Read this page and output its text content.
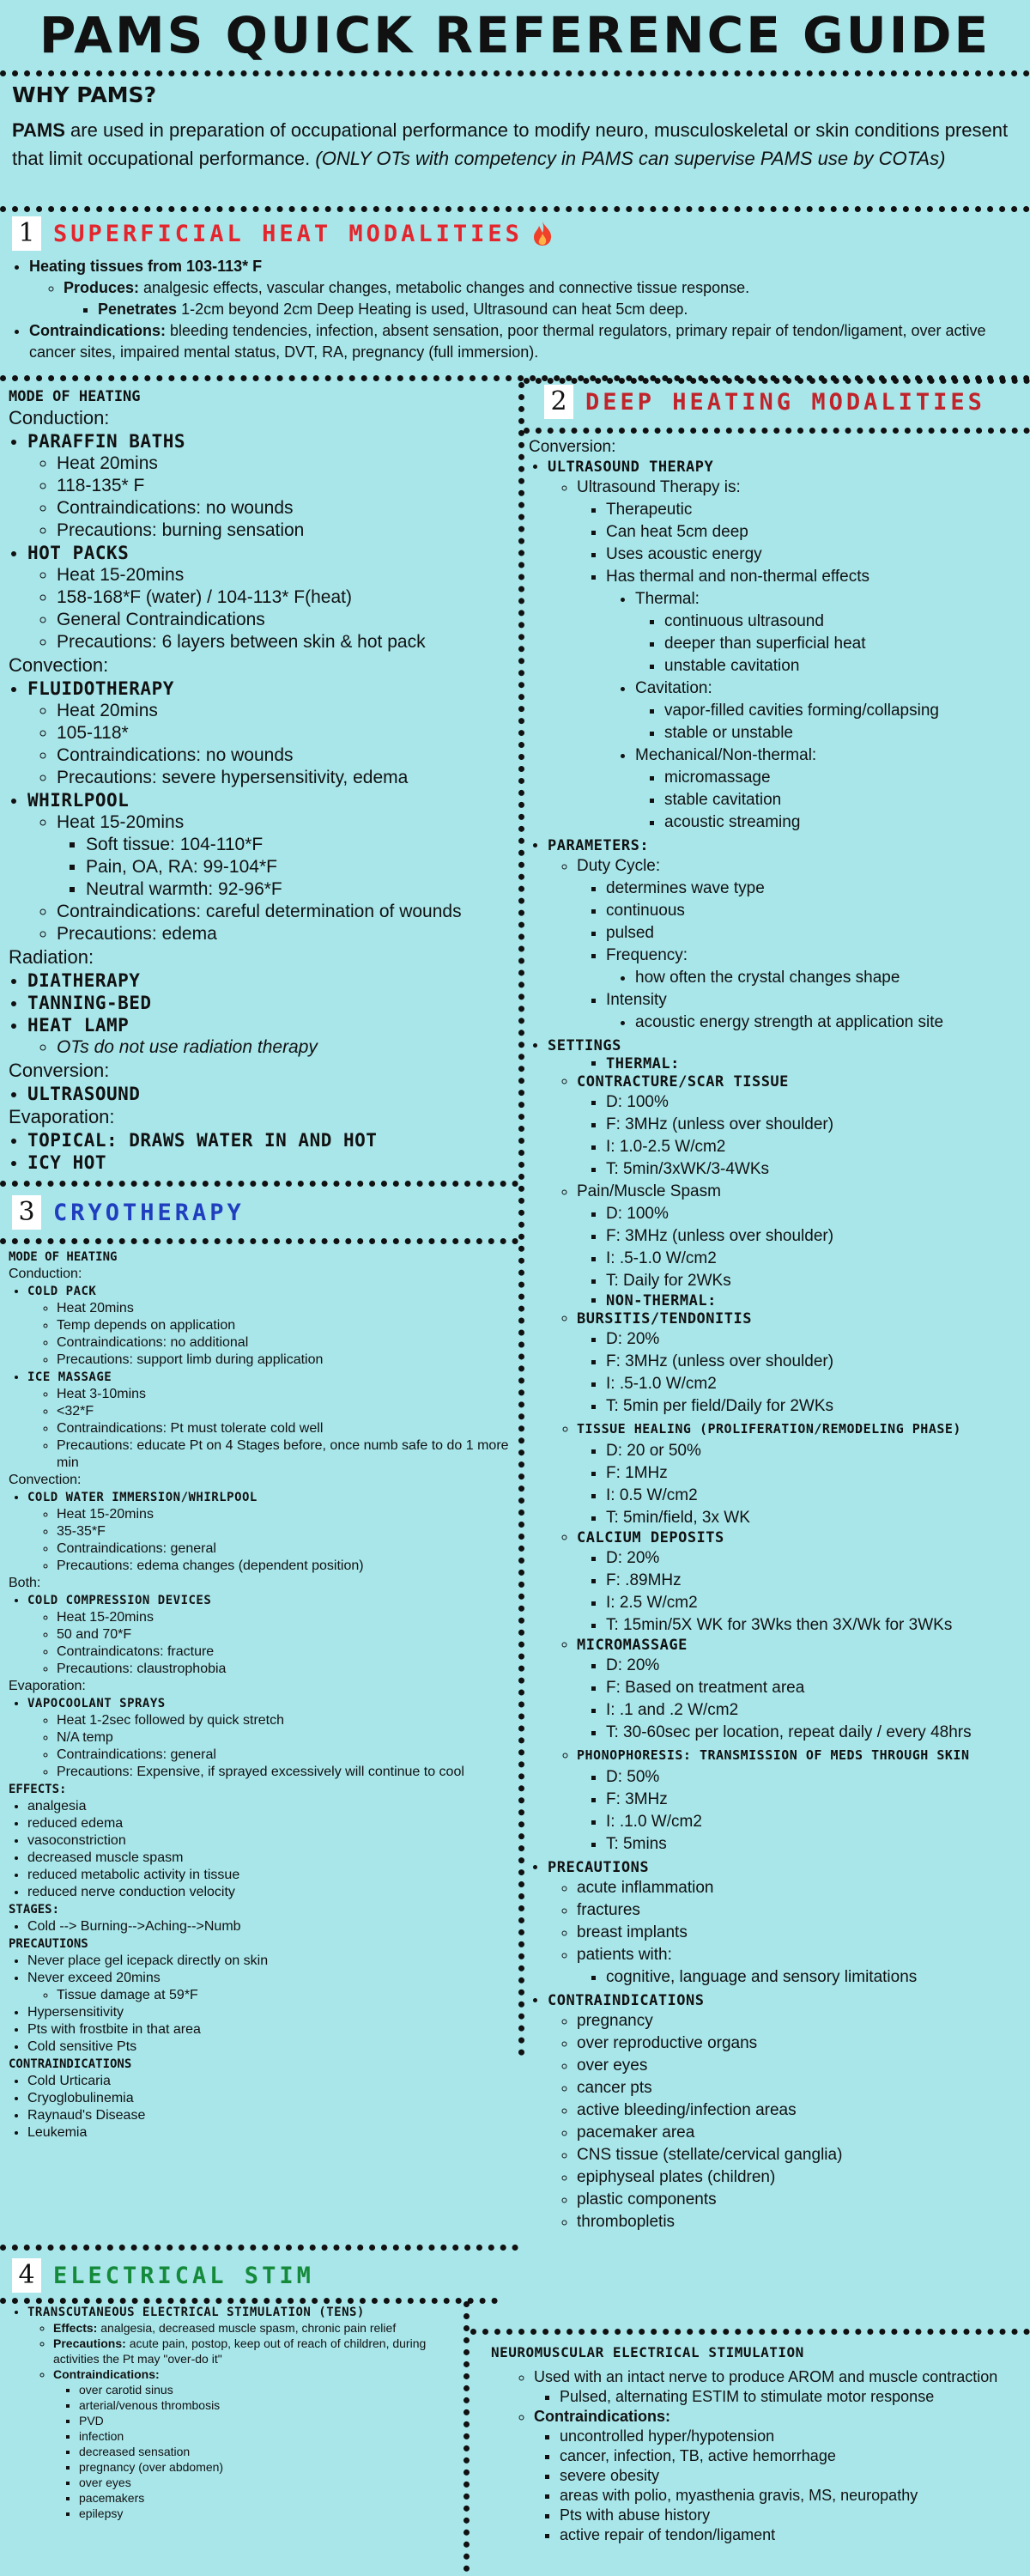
PAMS QUICK REFERENCE GUIDE
WHY PAMS?

PAMS are used in preparation of occupational performance to modify neuro, musculoskeletal or skin conditions present that limit occupational performance. (ONLY OTs with competency in PAMS can supervise PAMS use by COTAs)

1 SUPERFICIAL HEAT MODALITIES
• Heating tissues from 103-113* F
◦ Produces: analgesic effects, vascular changes, metabolic changes and connective tissue response.
▪ Penetrates 1-2cm beyond 2cm Deep Heating is used, Ultrasound can heat 5cm deep.
• Contraindications: bleeding tendencies, infection, absent sensation, poor thermal regulators, primary repair of tendon/ligament, over active cancer sites, impaired mental status, DVT, RA, pregnancy (full immersion).
MODE OF HEATING
Conduction:
• PARAFFIN BATHS
◦ Heat 20mins
◦ 118-135* F
◦ Contraindications: no wounds
◦ Precautions: burning sensation
• HOT PACKS
◦ Heat 15-20mins
◦ 158-168*F (water) / 104-113* F(heat)
◦ General Contraindications
◦ Precautions: 6 layers between skin & hot pack
Convection:
• FLUIDOTHERAPY
◦ Heat 20mins
◦ 105-118*
◦ Contraindications: no wounds
◦ Precautions: severe hypersensitivity, edema
• WHIRLPOOL
◦ Heat 15-20mins
▪ Soft tissue: 104-110*F
▪ Pain, OA, RA: 99-104*F
▪ Neutral warmth: 92-96*F
◦ Contraindications: careful determination of wounds
◦ Precautions: edema
Radiation:
• DIATHERAPY
• TANNING-BED
• HEAT LAMP
◦ OTs do not use radiation therapy
Conversion:
• ULTRASOUND
Evaporation:
• TOPICAL: DRAWS WATER IN AND HOT
• ICY HOT
2 DEEP HEATING MODALITIES
Conversion:
• ULTRASOUND THERAPY
◦ Ultrasound Therapy is:
▪ Therapeutic
▪ Can heat 5cm deep
▪ Uses acoustic energy
▪ Has thermal and non-thermal effects
• Thermal:
▪ continuous ultrasound
▪ deeper than superficial heat
▪ unstable cavitation
• Cavitation:
▪ vapor-filled cavities forming/collapsing
▪ stable or unstable
• Mechanical/Non-thermal:
▪ micromassage
▪ stable cavitation
▪ acoustic streaming
• PARAMETERS:
◦ Duty Cycle:
▪ determines wave type
▪ continuous
▪ pulsed
▪ Frequency:
• how often the crystal changes shape
▪ Intensity
• acoustic energy strength at application site
• SETTINGS
▪ THERMAL:
◦ CONTRACTURE/SCAR TISSUE
▪ D: 100%
▪ F: 3MHz (unless over shoulder)
▪ I: 1.0-2.5 W/cm2
▪ T: 5min/3xWK/3-4WKs
◦ Pain/Muscle Spasm
▪ D: 100%
▪ F: 3MHz (unless over shoulder)
▪ I: .5-1.0 W/cm2
▪ T: Daily for 2WKs
▪ NON-THERMAL:
◦ BURSITIS/TENDONITIS
▪ D: 20%
▪ F: 3MHz (unless over shoulder)
▪ I: .5-1.0 W/cm2
▪ T: 5min per field/Daily for 2WKs
◦ TISSUE HEALING (PROLIFERATION/REMODELING PHASE)
▪ D: 20 or 50%
▪ F: 1MHz
▪ I: 0.5 W/cm2
▪ T: 5min/field, 3x WK
◦ CALCIUM DEPOSITS
▪ D: 20%
▪ F: .89MHz
▪ I: 2.5 W/cm2
▪ T: 15min/5X WK for 3Wks then 3X/Wk for 3WKs
◦ MICROMASSAGE
▪ D: 20%
▪ F: Based on treatment area
▪ I: .1 and .2 W/cm2
▪ T: 30-60sec per location, repeat daily / every 48hrs
◦ PHONOPHORESIS: TRANSMISSION OF MEDS THROUGH SKIN
▪ D: 50%
▪ F: 3MHz
▪ I: .1.0 W/cm2
▪ T: 5mins
• PRECAUTIONS
◦ acute inflammation
◦ fractures
◦ breast implants
◦ patients with:
▪ cognitive, language and sensory limitations
• CONTRAINDICATIONS
◦ pregnancy
◦ over reproductive organs
◦ over eyes
◦ cancer pts
◦ active bleeding/infection areas
◦ pacemaker area
◦ CNS tissue (stellate/cervical ganglia)
◦ epiphyseal plates (children)
◦ plastic components
◦ thrombopletis
3 CRYOTHERAPY
MODE OF HEATING
Conduction:
• COLD PACK
◦ Heat 20mins
◦ Temp depends on application
◦ Contraindications: no additional
◦ Precautions: support limb during application
• ICE MASSAGE
◦ Heat 3-10mins
◦ <32*F
◦ Contraindications: Pt must tolerate cold well
◦ Precautions: educate Pt on 4 Stages before, once numb safe to do 1 more min
Convection:
• COLD WATER IMMERSION/WHIRLPOOL
◦ Heat 15-20mins
◦ 35-35*F
◦ Contraindications: general
◦ Precautions: edema changes (dependent position)
Both:
• COLD COMPRESSION DEVICES
◦ Heat 15-20mins
◦ 50 and 70*F
◦ Contraindicatons: fracture
◦ Precautions: claustrophobia
Evaporation:
• VAPOCOOLANT SPRAYS
◦ Heat 1-2sec followed by quick stretch
◦ N/A temp
◦ Contraindications: general
◦ Precautions: Expensive, if sprayed excessively will continue to cool
EFFECTS:
• analgesia
• reduced edema
• vasoconstriction
• decreased muscle spasm
• reduced metabolic activity in tissue
• reduced nerve conduction velocity
STAGES:
• Cold --> Burning-->Aching-->Numb
PRECAUTIONS
• Never place gel icepack directly on skin
• Never exceed 20mins
◦ Tissue damage at 59*F
• Hypersensitivity
• Pts with frostbite in that area
• Cold sensitive Pts
CONTRAINDICATIONS
• Cold Urticaria
• Cryoglobulinemia
• Raynaud's Disease
• Leukemia
4 ELECTRICAL STIM
• TRANSCUTANEOUS ELECTRICAL STIMULATION (TENS)
◦ Effects: analgesia, decreased muscle spasm, chronic pain relief
◦ Precautions: acute pain, postop, keep out of reach of children, during activities the Pt may "over-do it"
◦ Contraindications:
▪ over carotid sinus
▪ arterial/venous thrombosis
▪ PVD
▪ infection
▪ decreased sensation
▪ pregnancy (over abdomen)
▪ over eyes
▪ pacemakers
▪ epilepsy
NEUROMUSCULAR ELECTRICAL STIMULATION
◦ Used with an intact nerve to produce AROM and muscle contraction
▪ Pulsed, alternating ESTIM to stimulate motor response
◦ Contraindications:
▪ uncontrolled hyper/hypotension
▪ cancer, infection, TB, active hemorrhage
▪ severe obesity
▪ areas with polio, myasthenia gravis, MS, neuropathy
▪ Pts with abuse history
▪ active repair of tendon/ligament
